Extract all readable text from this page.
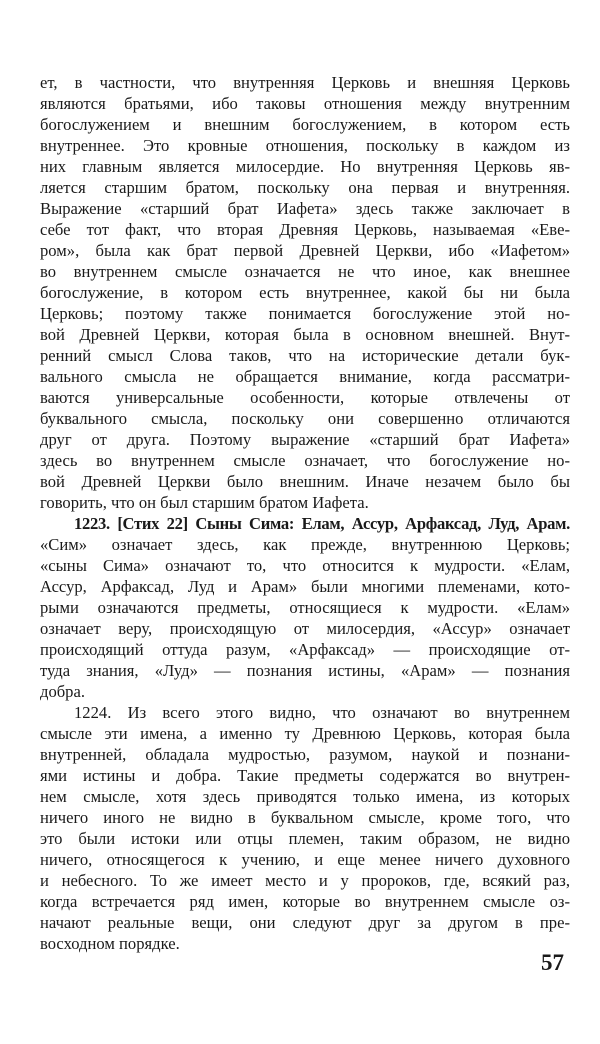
ет, в частности, что внутренняя Церковь и внешняя Церковь
являются братьями, ибо таковы отношения между внутренним
богослужением и внешним богослужением, в котором есть
внутреннее. Это кровные отношения, поскольку в каждом из
них главным является милосердие. Но внутренняя Церковь яв-
ляется старшим братом, поскольку она первая и внутренняя.
Выражение «старший брат Иафета» здесь также заключает в
себе тот факт, что вторая Древняя Церковь, называемая «Евe-
ром», была как брат первой Древней Церкви, ибо «Иафетом»
во внутреннем смысле означается не что иное, как внешнее
богослужение, в котором есть внутреннее, какой бы ни была
Церковь; поэтому также понимается богослужение этой но-
вой Древней Церкви, которая была в основном внешней. Внут-
ренний смысл Слова таков, что на исторические детали бук-
вального смысла не обращается внимание, когда рассматри-
ваются универсальные особенности, которые отвлечены от
буквального смысла, поскольку они совершенно отличаются
друг от друга. Поэтому выражение «старший брат Иафета»
здесь во внутреннем смысле означает, что богослужение но-
вой Древней Церкви было внешним. Иначе незачем было бы
говорить, что он был старшим братом Иафета.
1223. [Стих 22] Сыны Сима: Елам, Ассур, Арфаксад, Луд, Арам.
«Сим» означает здесь, как прежде, внутреннюю Церковь;
«сыны Сима» означают то, что относится к мудрости. «Елам,
Ассур, Арфаксад, Луд и Арам» были многими племенами, кото-
рыми означаются предметы, относящиеся к мудрости. «Елам»
означает веру, происходящую от милосердия, «Ассур» означает
происходящий оттуда разум, «Арфаксад» — происходящие от-
туда знания, «Луд» — познания истины, «Арам» — познания
добра.
1224. Из всего этого видно, что означают во внутреннем
смысле эти имена, а именно ту Древнюю Церковь, которая была
внутренней, обладала мудростью, разумом, наукой и познани-
ями истины и добра. Такие предметы содержатся во внутрен-
нем смысле, хотя здесь приводятся только имена, из которых
ничего иного не видно в буквальном смысле, кроме того, что
это были истоки или отцы племен, таким образом, не видно
ничего, относящегося к учению, и еще менее ничего духовного
и небесного. То же имеет место и у пророков, где, всякий раз,
когда встречается ряд имен, которые во внутреннем смысле оз-
начают реальные вещи, они следуют друг за другом в пре-
восходном порядке.
57
